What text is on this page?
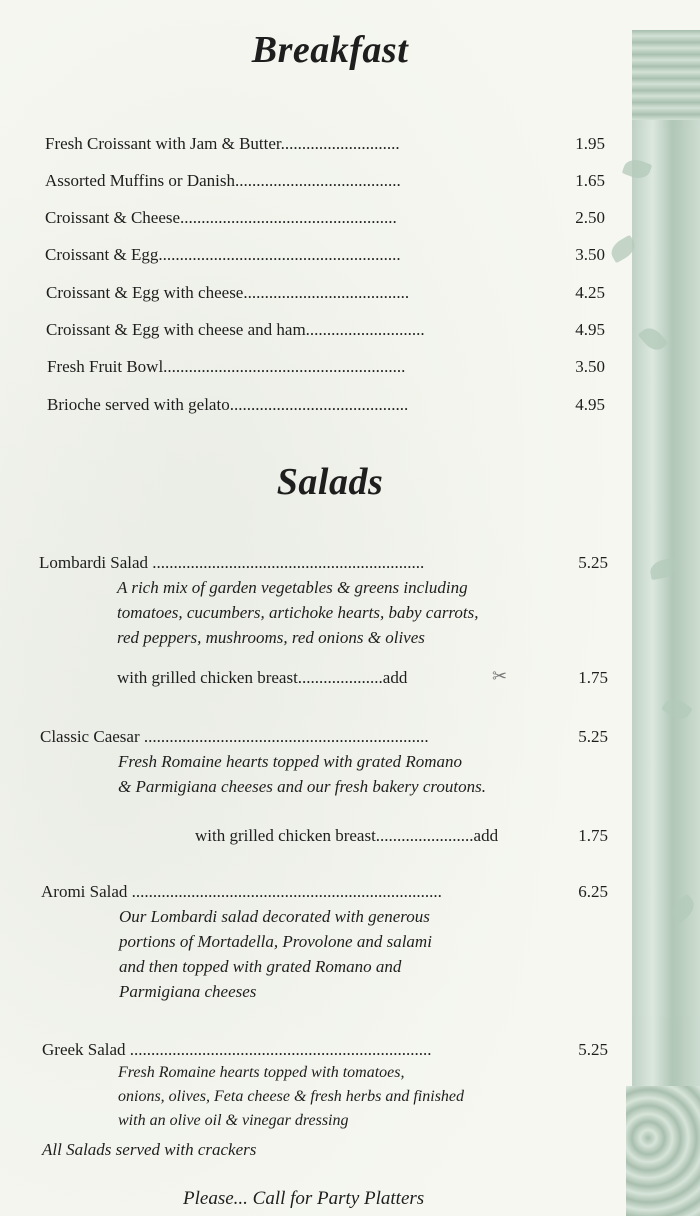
Breakfast
Fresh Croissant with Jam & Butter............................	1.95
Assorted Muffins or Danish.......................................	1.65
Croissant & Cheese...................................................	2.50
Croissant & Egg.........................................................	3.50
Croissant & Egg with cheese.......................................	4.25
Croissant & Egg with cheese and ham............................	4.95
Fresh Fruit Bowl.........................................................	3.50
Brioche served with gelato..........................................	4.95
Salads
Lombardi Salad ................................................................	5.25
A rich mix of garden vegetables & greens including
tomatoes, cucumbers, artichoke hearts, baby carrots,
red peppers, mushrooms, red onions & olives
with grilled chicken breast....................add	✂	1.75
Classic Caesar ...................................................................	5.25
Fresh Romaine hearts topped with grated Romano
& Parmigiana cheeses and our fresh bakery croutons.
with grilled chicken breast.......................add	1.75
Aromi Salad .........................................................................	6.25
Our Lombardi salad decorated with generous
portions of Mortadella, Provolone and salami
and then topped with grated Romano and
Parmigiana cheeses
Greek Salad .......................................................................	5.25
Fresh Romaine hearts topped with tomatoes,
onions, olives, Feta cheese & fresh herbs and finished
with an olive oil & vinegar dressing
All Salads served with crackers
Please... Call for Party Platters
